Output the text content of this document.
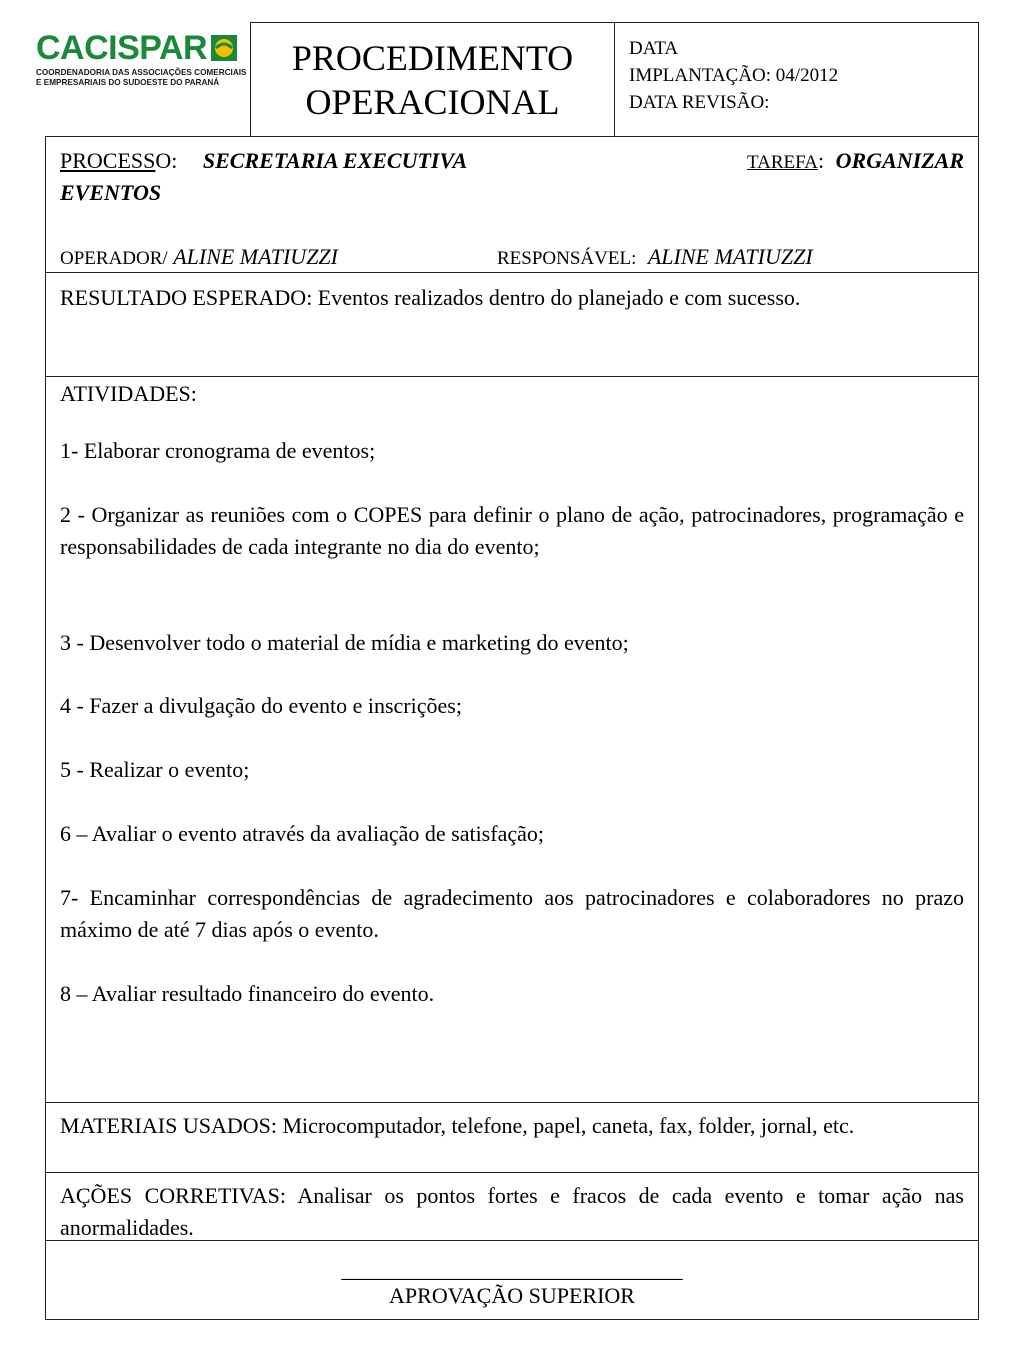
CACISPAR
COORDENADORIA DAS ASSOCIAÇÕES COMERCIAIS
E EMPRESARIAIS DO SUDOESTE DO PARANÁ
PROCEDIMENTO
OPERACIONAL
DATA
IMPLANTAÇÃO: 04/2012
DATA REVISÃO:
PROCESSO: SECRETARIA EXECUTIVA	TAREFA: ORGANIZAR
EVENTOS
OPERADOR/ ALINE MATIUZZI	RESPONSÁVEL: ALINE MATIUZZI
RESULTADO ESPERADO: Eventos realizados dentro do planejado e com sucesso.
ATIVIDADES:
1- Elaborar cronograma de eventos;
2 - Organizar as reuniões com o COPES para definir o plano de ação, patrocinadores, programação e responsabilidades de cada integrante no dia do evento;
3 - Desenvolver todo o material de mídia e marketing do evento;
4 - Fazer a divulgação do evento e inscrições;
5 - Realizar o evento;
6 – Avaliar o evento através da avaliação de satisfação;
7- Encaminhar correspondências de agradecimento aos patrocinadores e colaboradores no prazo máximo de até 7 dias após o evento.
8 – Avaliar resultado financeiro do evento.
MATERIAIS USADOS: Microcomputador, telefone, papel, caneta, fax, folder, jornal, etc.
AÇÕES CORRETIVAS: Analisar os pontos fortes e fracos de cada evento e tomar ação nas anormalidades.
_______________________________
APROVAÇÃO SUPERIOR
